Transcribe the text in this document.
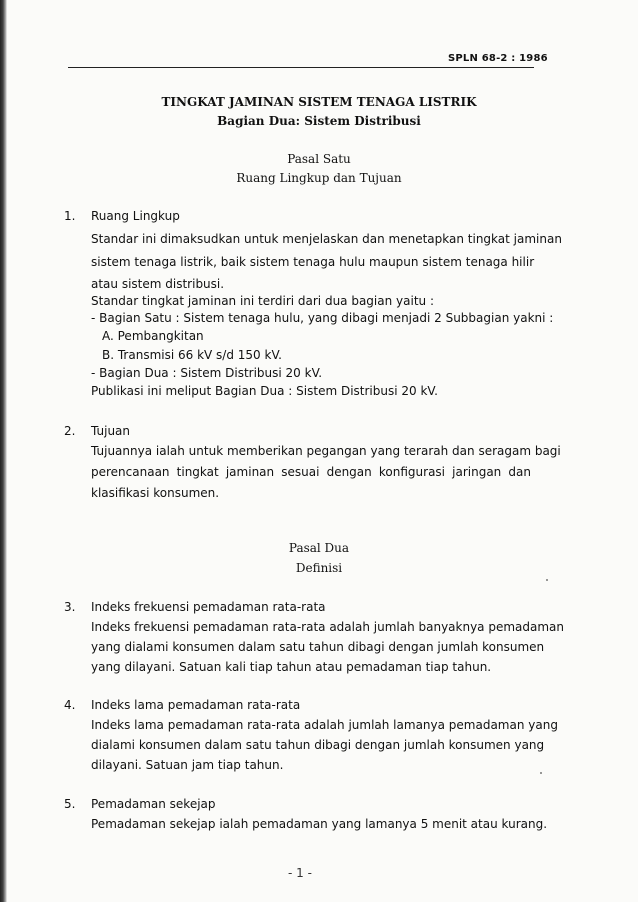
SPLN 68-2 : 1986
TINGKAT JAMINAN SISTEM TENAGA LISTRIK
Bagian Dua: Sistem Distribusi
Pasal Satu
Ruang Lingkup dan Tujuan
1. Ruang Lingkup
Standar ini dimaksudkan untuk menjelaskan dan menetapkan tingkat jaminan
sistem tenaga listrik, baik sistem tenaga hulu maupun sistem tenaga hilir
atau sistem distribusi.
Standar tingkat jaminan ini terdiri dari dua bagian yaitu :
- Bagian Satu : Sistem tenaga hulu, yang dibagi menjadi 2 Subbagian yakni :
A. Pembangkitan
B. Transmisi 66 kV s/d 150 kV.
- Bagian Dua : Sistem Distribusi 20 kV.
Publikasi ini meliput Bagian Dua : Sistem Distribusi 20 kV.
2. Tujuan
Tujuannya ialah untuk memberikan pegangan yang terarah dan seragam bagi
perencanaan tingkat jaminan sesuai dengan konfigurasi jaringan dan
klasifikasi konsumen.
Pasal Dua
Definisi
3. Indeks frekuensi pemadaman rata-rata
Indeks frekuensi pemadaman rata-rata adalah jumlah banyaknya pemadaman
yang dialami konsumen dalam satu tahun dibagi dengan jumlah konsumen
yang dilayani. Satuan kali tiap tahun atau pemadaman tiap tahun.
4. Indeks lama pemadaman rata-rata
Indeks lama pemadaman rata-rata adalah jumlah lamanya pemadaman yang
dialami konsumen dalam satu tahun dibagi dengan jumlah konsumen yang
dilayani. Satuan jam tiap tahun.
5. Pemadaman sekejap
Pemadaman sekejap ialah pemadaman yang lamanya 5 menit atau kurang.
- 1 -
